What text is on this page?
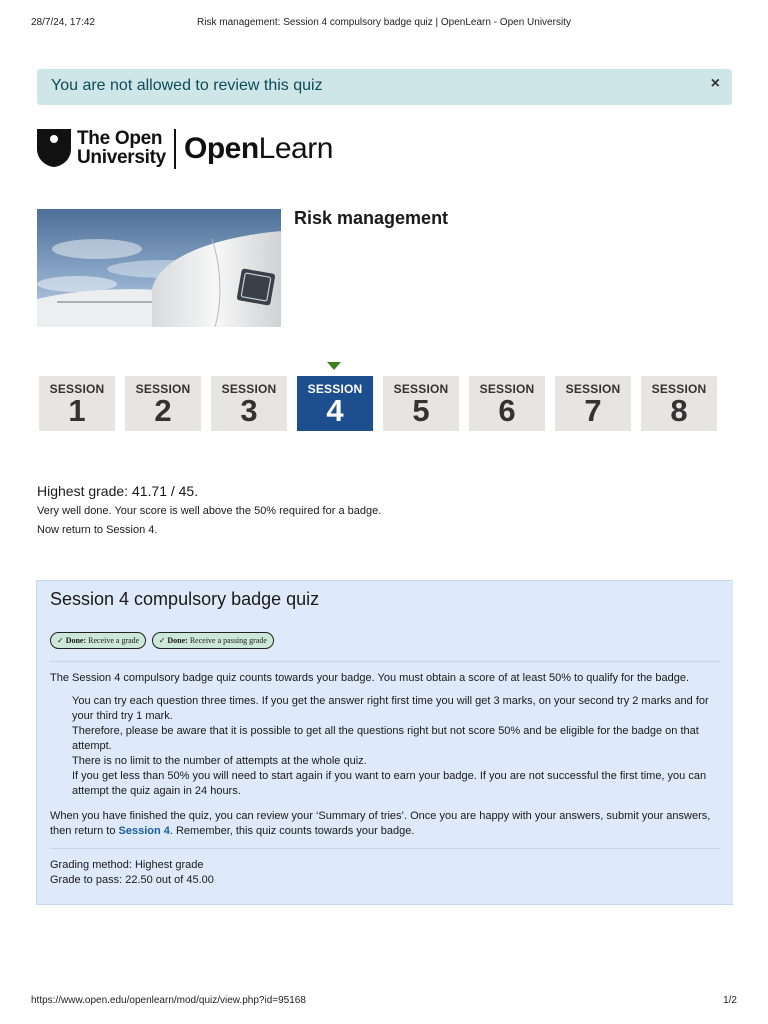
28/7/24, 17:42	Risk management: Session 4 compulsory badge quiz | OpenLearn - Open University
You are not allowed to review this quiz	×
The Open
University OpenLearn
Risk management
SESSION
1
SESSION
2
SESSION
3
SESSION
4
SESSION
5
SESSION
6
SESSION
7
SESSION
8

Highest grade: 41.71 / 45.

Very well done. Your score is well above the 50% required for a badge.

Now return to Session 4.

Session 4 compulsory badge quiz
✓ Done: Receive a grade ✓ Done: Receive a passing grade

The Session 4 compulsory badge quiz counts towards your badge. You must obtain a score of at least 50% to qualify for the badge.

You can try each question three times. If you get the answer right first time you will get 3 marks, on your second try 2 marks and for your third try 1 mark.
Therefore, please be aware that it is possible to get all the questions right but not score 50% and be eligible for the badge on that attempt.
There is no limit to the number of attempts at the whole quiz.
If you get less than 50% you will need to start again if you want to earn your badge. If you are not successful the first time, you can attempt the quiz again in 24 hours.

When you have finished the quiz, you can review your ‘Summary of tries’. Once you are happy with your answers, submit your answers, then return to Session 4. Remember, this quiz counts towards your badge.

Grading method: Highest grade
Grade to pass: 22.50 out of 45.00
https://www.open.edu/openlearn/mod/quiz/view.php?id=95168	1/2
